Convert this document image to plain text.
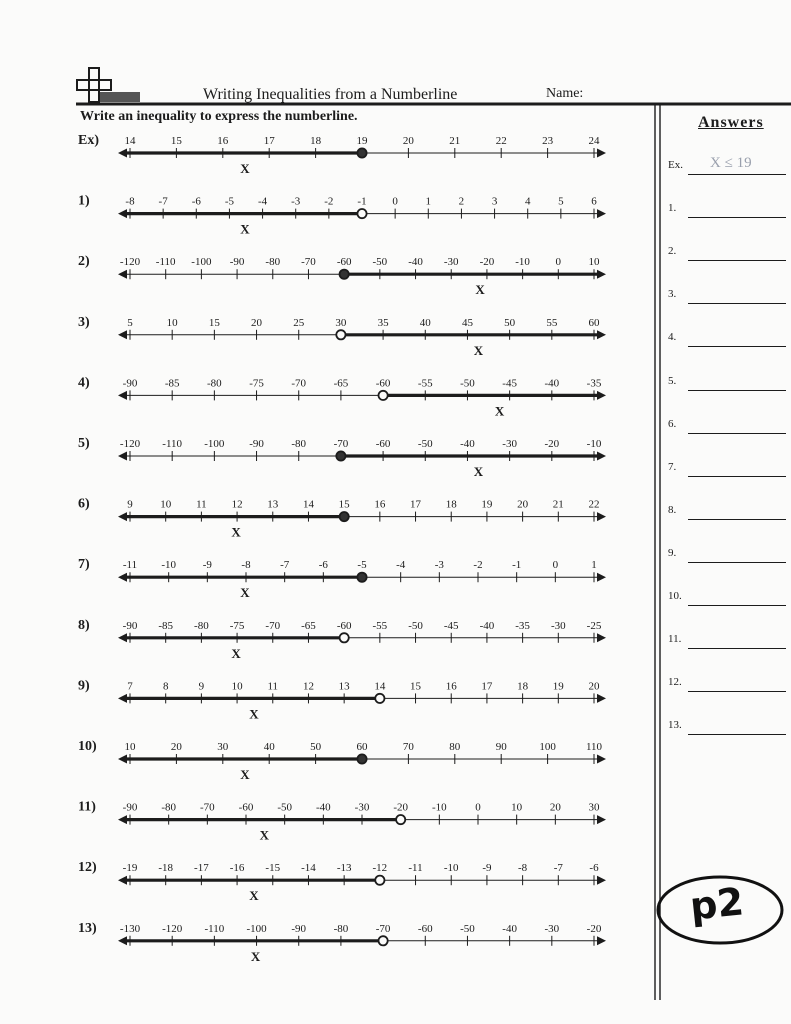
Writing Inequalities from a Numberline	Name:
Write an inequality to express the numberline.	Answers
p2
Ex) 14	15	16	17	18	19	20	21	22	23	24
X
1)	-8 -7 -6 -5 -4 -3 -2 -1 0	1	2	3	4	5	6
X
2)	-120 -110 -100 -90 -80 -70 -60 -50 -40 -30 -20 -10 0 10
X
3)	5	10	15	20	25	30	35	40	45	50	55	60
X
4)	-90	-85	-80	-75	-70	-65	-60	-55	-50	-45	-40	-35
X
5)	-120 -110 -100 -90	-80	-70	-60	-50	-40	-30	-20	-10
X
6)	9 10 11 12 13 14 15 16 17 18 19 20 21 22
X
7)	-11 -10 -9	-8	-7	-6	-5	-4	-3	-2	-1	0	1
X
8)	-90 -85 -80 -75 -70 -65 -60 -55 -50 -45 -40 -35 -30 -25
X
9)	7	8	9 10 11 12 13 14 15 16 17 18 19 20
X
10)	10	20	30	40	50	60	70	80	90	100	110
X
11) -90 -80 -70 -60 -50 -40 -30 -20 -10	0	10	20	30
X
12) -19 -18 -17 -16 -15 -14 -13 -12 -11 -10 -9 -8 -7 -6
X
13) -130 -120 -110 -100 -90	-80	-70	-60	-50	-40	-30	-20
X
Ex. X ≤ 19
1.
2.
3.
4.
5.
6.
7.
8.
9.
10.
11.
12.
13.
